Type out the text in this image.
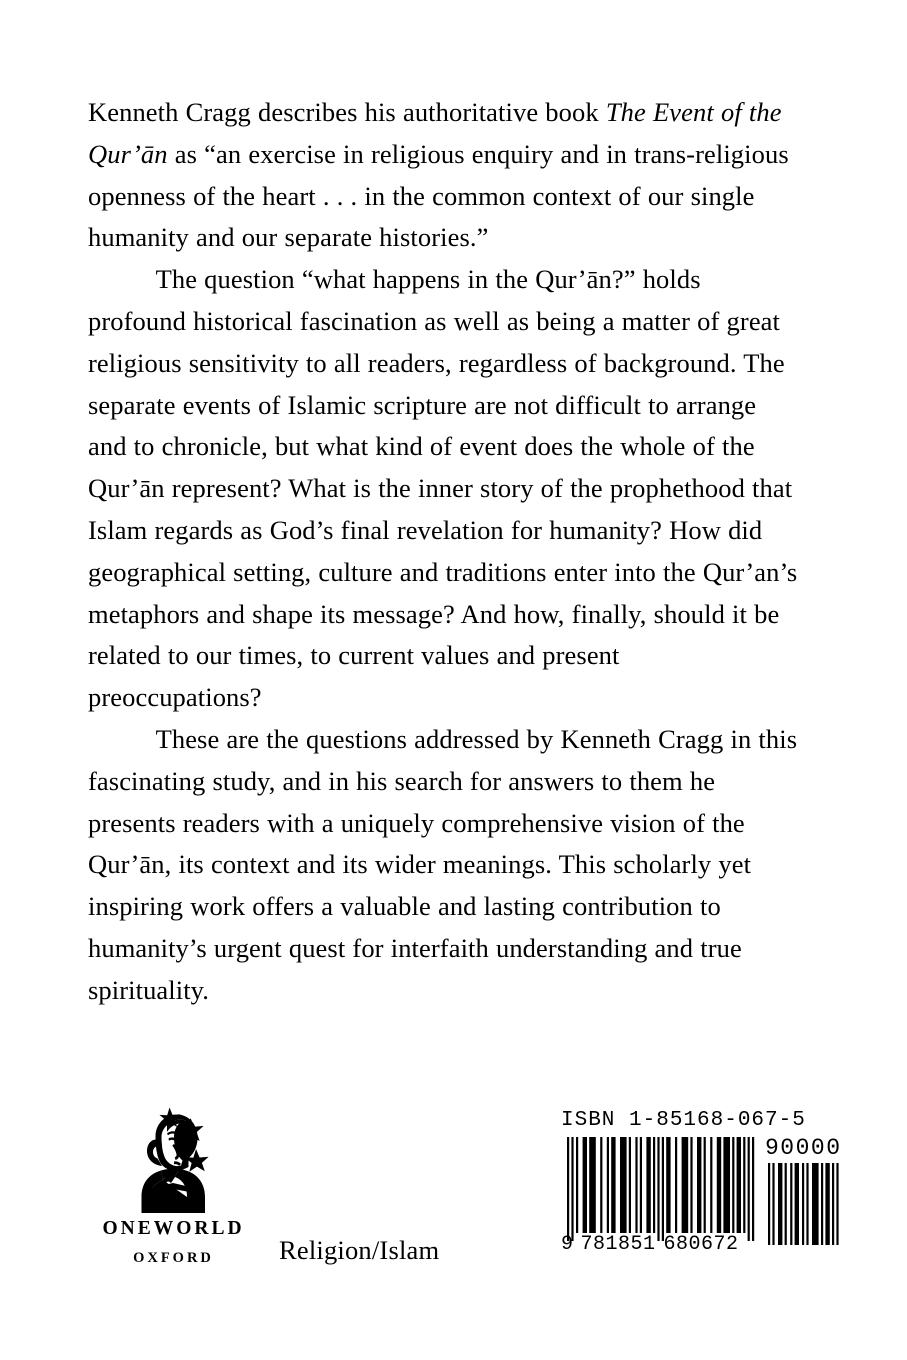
Kenneth Cragg describes his authoritative book The Event of the Qur’ān as “an exercise in religious enquiry and in trans-religious openness of the heart . . . in the common context of our single humanity and our separate histories.”

The question “what happens in the Qur’ān?” holds profound historical fascination as well as being a matter of great religious sensitivity to all readers, regardless of background. The separate events of Islamic scripture are not difficult to arrange and to chronicle, but what kind of event does the whole of the Qur’ān represent? What is the inner story of the prophethood that Islam regards as God’s final revelation for humanity? How did geographical setting, culture and traditions enter into the Qur’an’s metaphors and shape its message? And how, finally, should it be related to our times, to current values and present preoccupations?

These are the questions addressed by Kenneth Cragg in this fascinating study, and in his search for answers to them he presents readers with a uniquely comprehensive vision of the Qur’ān, its context and its wider meanings. This scholarly yet inspiring work offers a valuable and lasting contribution to humanity’s urgent quest for interfaith understanding and true spirituality.

ONEWORLD
OXFORD	Religion/Islam
ISBN 1-85168-067-5
9 781851 680672
90000
